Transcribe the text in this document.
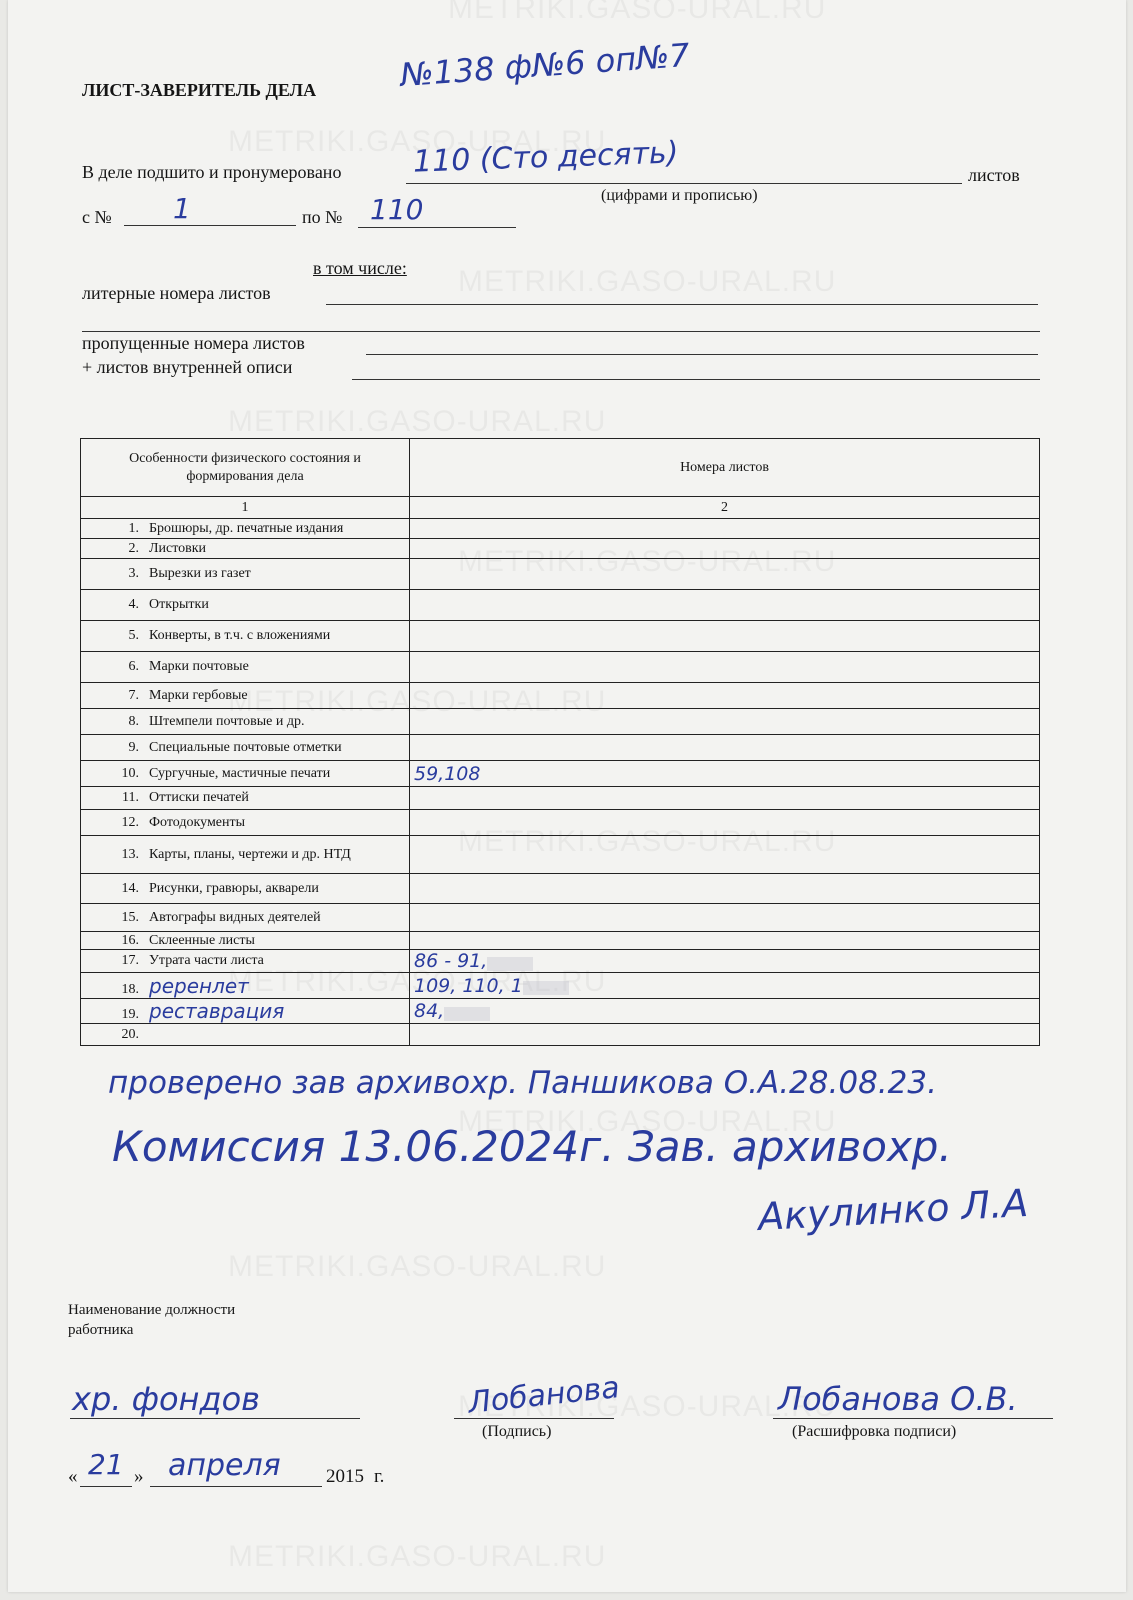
ЛИСТ-ЗАВЕРИТЕЛЬ ДЕЛА	№138 ф№6 оп№7
В деле подшито и пронумеровано 110 (Сто десять)	листов
(цифрами и прописью)
с № 1	по № 110
в том числе:
литерные номера листов
пропущенные номера листов
+ листов внутренней описи
Особенности физического состояния и формирования дела	Номера листов
1	2
1. Брошюры, др. печатные издания	
2. Листовки	
3. Вырезки из газет	
4. Открытки	
5. Конверты, в т.ч. с вложениями	
6. Марки почтовые	
7. Марки гербовые	
8. Штемпели почтовые и др.	
9. Специальные почтовые отметки	
10. Сургучные, мастичные печати	59,108
11. Оттиски печатей	
12. Фотодокументы	
13. Карты, планы, чертежи и др. НТД	
14. Рисунки, гравюры, акварели	
15. Автографы видных деятелей	
16. Склеенные листы	
17. Утрата части листа	86 - 91,
18. реренлет	109, 110, 1
19. реставрация	84,
20.	
проверено зав архивохр. Паншикова О.А.28.08.23.
Комиссия 13.06.2024г. Зав. архивохр.
Акулинко Л.А
Наименование должности работника
хр. фондов	Лобанова
(Подпись)
Лобанова О.В.
(Расшифровка подписи)
« 21 » апреля 2015 г.
